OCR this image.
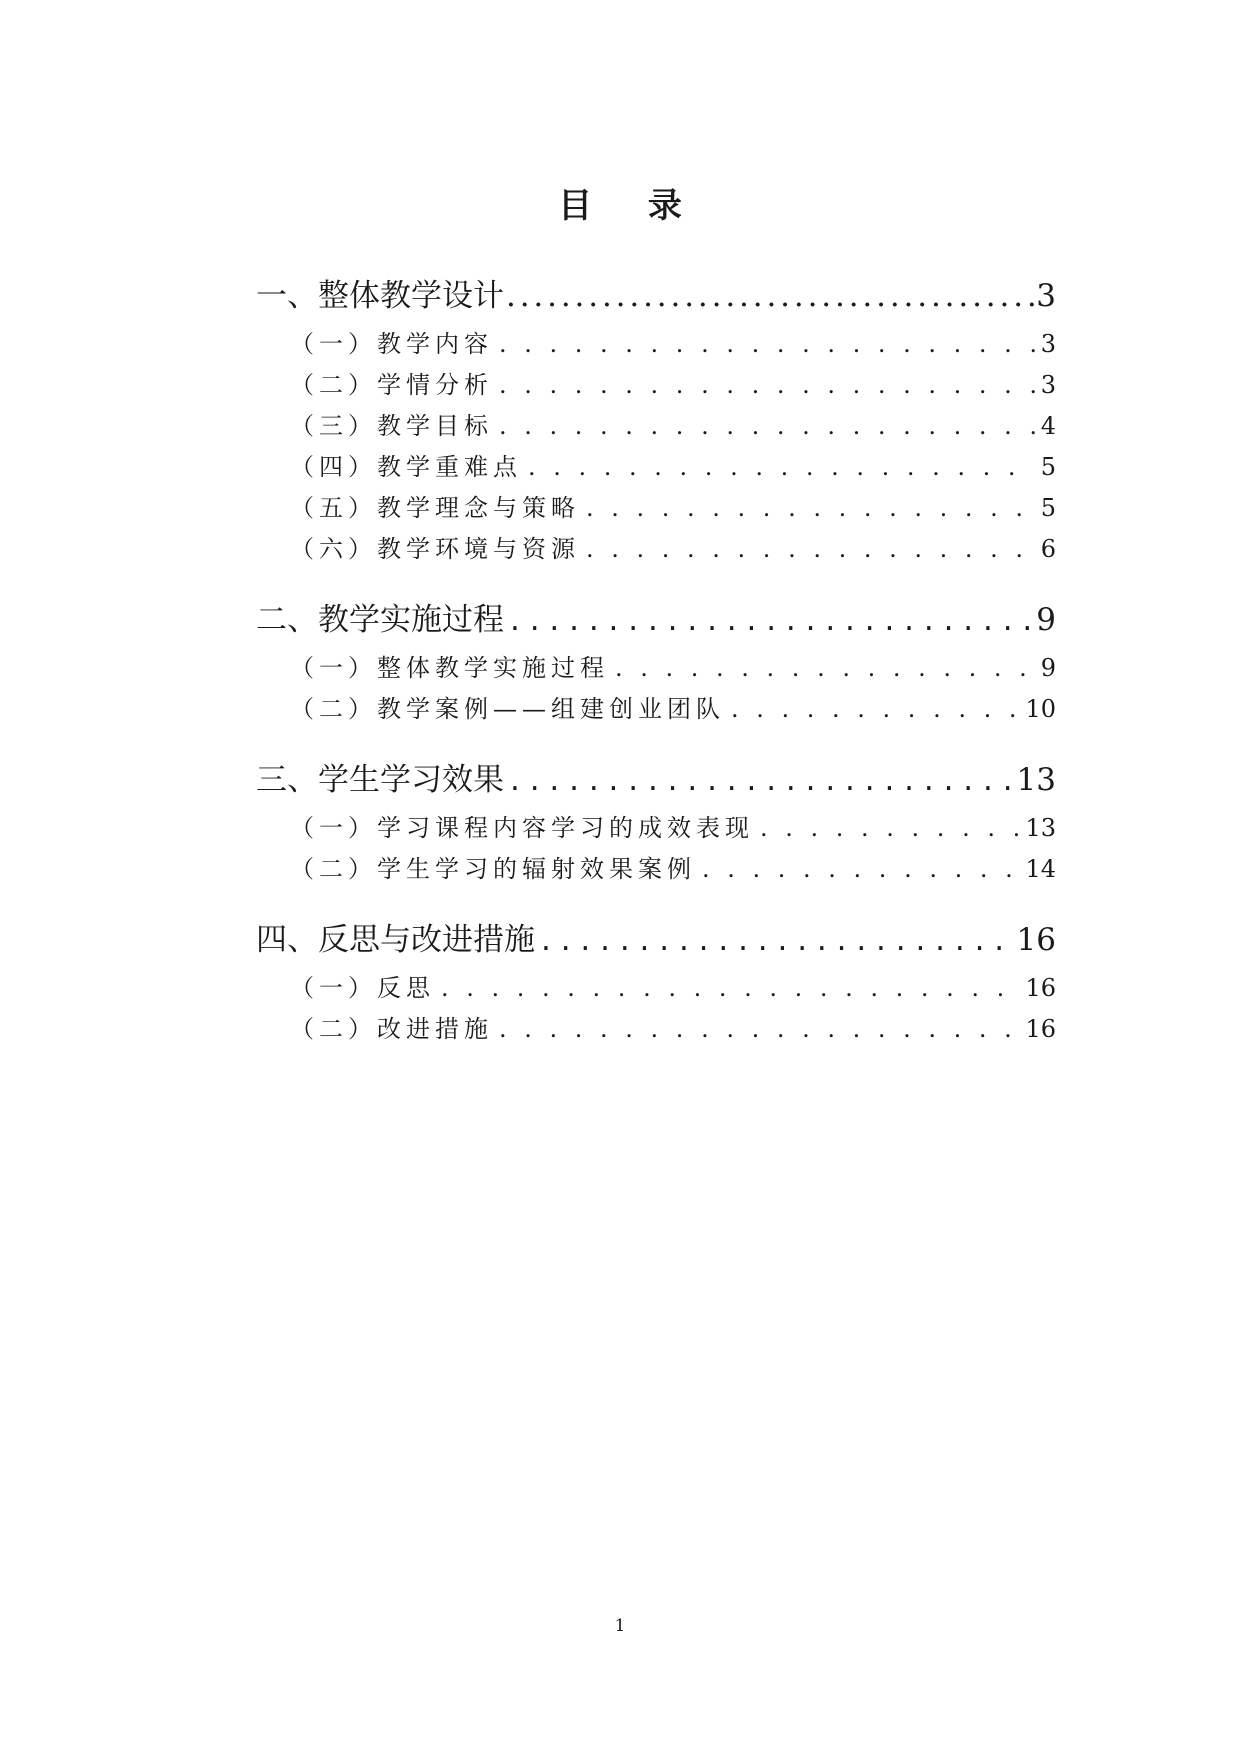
目 录
一、整体教学设计 . . .	3
（一）教学内容 . . .	3
（二）学情分析 . . .	3
（三）教学目标 . . .	4
（四）教学重难点 . . .	5
（五）教学理念与策略 . . .	5
（六）教学环境与资源 . . .	6
二、教学实施过程 . . .	9
（一）整体教学实施过程 . . .	9
（二）教学案例——组建创业团队 . . .	10
三、学生学习效果 . . .	13
（一）学习课程内容学习的成效表现 . . .	13
（二）学生学习的辐射效果案例 . . .	14
四、反思与改进措施 . . .	16
（一）反思 . . .	16
（二）改进措施 . . .	16
1
